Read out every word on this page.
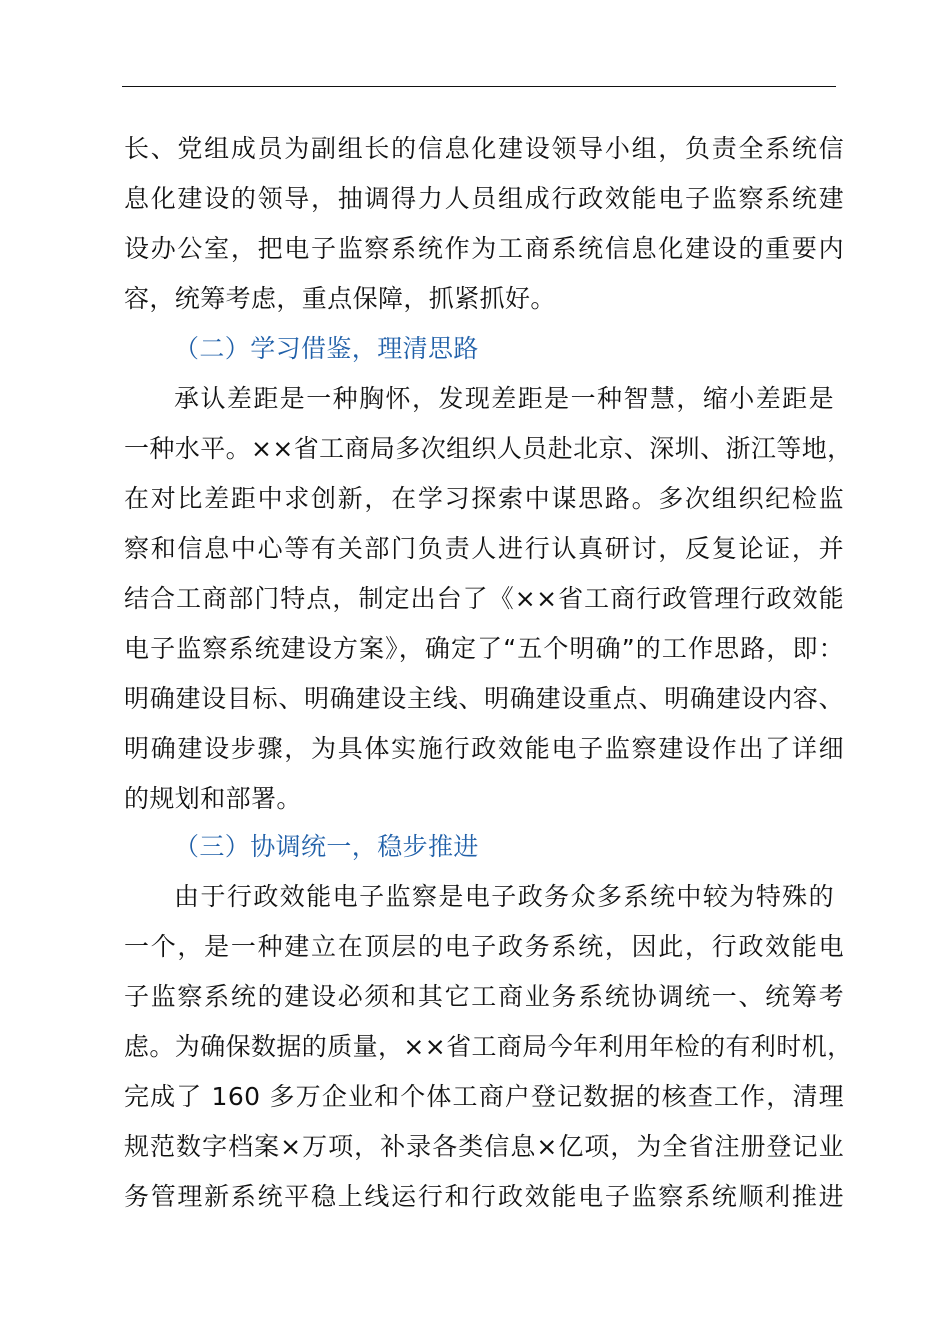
长、党组成员为副组长的信息化建设领导小组，负责全系统信
息化建设的领导，抽调得力人员组成行政效能电子监察系统建
设办公室，把电子监察系统作为工商系统信息化建设的重要内
容，统筹考虑，重点保障，抓紧抓好。
（二）学习借鉴，理清思路
承认差距是一种胸怀，发现差距是一种智慧，缩小差距是
一种水平。××省工商局多次组织人员赴北京、深圳、浙江等地，
在对比差距中求创新，在学习探索中谋思路。多次组织纪检监
察和信息中心等有关部门负责人进行认真研讨，反复论证，并
结合工商部门特点，制定出台了《××省工商行政管理行政效能
电子监察系统建设方案》，确定了“五个明确”的工作思路，即：
明确建设目标、明确建设主线、明确建设重点、明确建设内容、
明确建设步骤，为具体实施行政效能电子监察建设作出了详细
的规划和部署。
（三）协调统一，稳步推进
由于行政效能电子监察是电子政务众多系统中较为特殊的
一个，是一种建立在顶层的电子政务系统，因此，行政效能电
子监察系统的建设必须和其它工商业务系统协调统一、统筹考
虑。为确保数据的质量，××省工商局今年利用年检的有利时机，
完成了 160 多万企业和个体工商户登记数据的核查工作，清理
规范数字档案×万项，补录各类信息×亿项，为全省注册登记业
务管理新系统平稳上线运行和行政效能电子监察系统顺利推进
